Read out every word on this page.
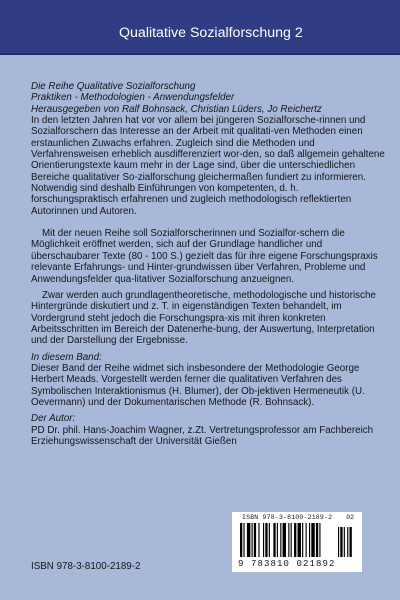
Qualitative Sozialforschung 2

Die Reihe Qualitative Sozialforschung

Praktiken - Methodologien - Anwendungsfelder

Herausgegeben von Ralf Bohnsack, Christian Lüders, Jo Reichertz

In den letzten Jahren hat vor vor allem bei jüngeren Sozialforsche-rinnen und Sozialforschern das Interesse an der Arbeit mit qualitati-ven Methoden einen erstaunlichen Zuwachs erfahren. Zugleich sind die Methoden und Verfahrensweisen erheblich ausdifferenziert wor-den, so daß allgemein gehaltene Orientierungstexte kaum mehr in der Lage sind, über die unterschiedlichen Bereiche qualitativer So-zialforschung gleichermaßen fundiert zu informieren. Notwendig sind deshalb Einführungen von kompetenten, d. h. forschungspraktisch erfahrenen und zugleich methodologisch reflektierten Autorinnen und Autoren.

Mit der neuen Reihe soll Sozialforscherinnen und Sozialfor-schern die Möglichkeit eröffnet werden, sich auf der Grundlage handlicher und überschaubarer Texte (80 - 100 S.) gezielt das für ihre eigene Forschungspraxis relevante Erfahrungs- und Hinter-grundwissen über Verfahren, Probleme und Anwendungsfelder qua-litativer Sozialforschung anzueignen.

Zwar werden auch grundlagentheoretische, methodologische und historische Hintergründe diskutiert und z. T. in eigenständigen Texten behandelt, im Vordergrund steht jedoch die Forschungspra-xis mit ihren konkreten Arbeitsschritten im Bereich der Datenerhe-bung, der Auswertung, Interpretation und der Darstellung der Ergebnisse.

In diesem Band:

Dieser Band der Reihe widmet sich insbesondere der Methodologie George Herbert Meads. Vorgestellt werden ferner die qualitativen Verfahren des Symbolischen Interaktionismus (H. Blumer), der Ob-jektiven Hermeneutik (U. Oevermann) und der Dokumentarischen Methode (R. Bohnsack).

Der Autor:

PD Dr. phil. Hans-Joachim Wagner, z.Zt. Vertretungsprofessor am Fachbereich Erziehungswissenschaft der Universität Gießen

ISBN 978-3-8100-2189-2
ISBN 978-3-8100-2189-2 02
9 783810 021892
